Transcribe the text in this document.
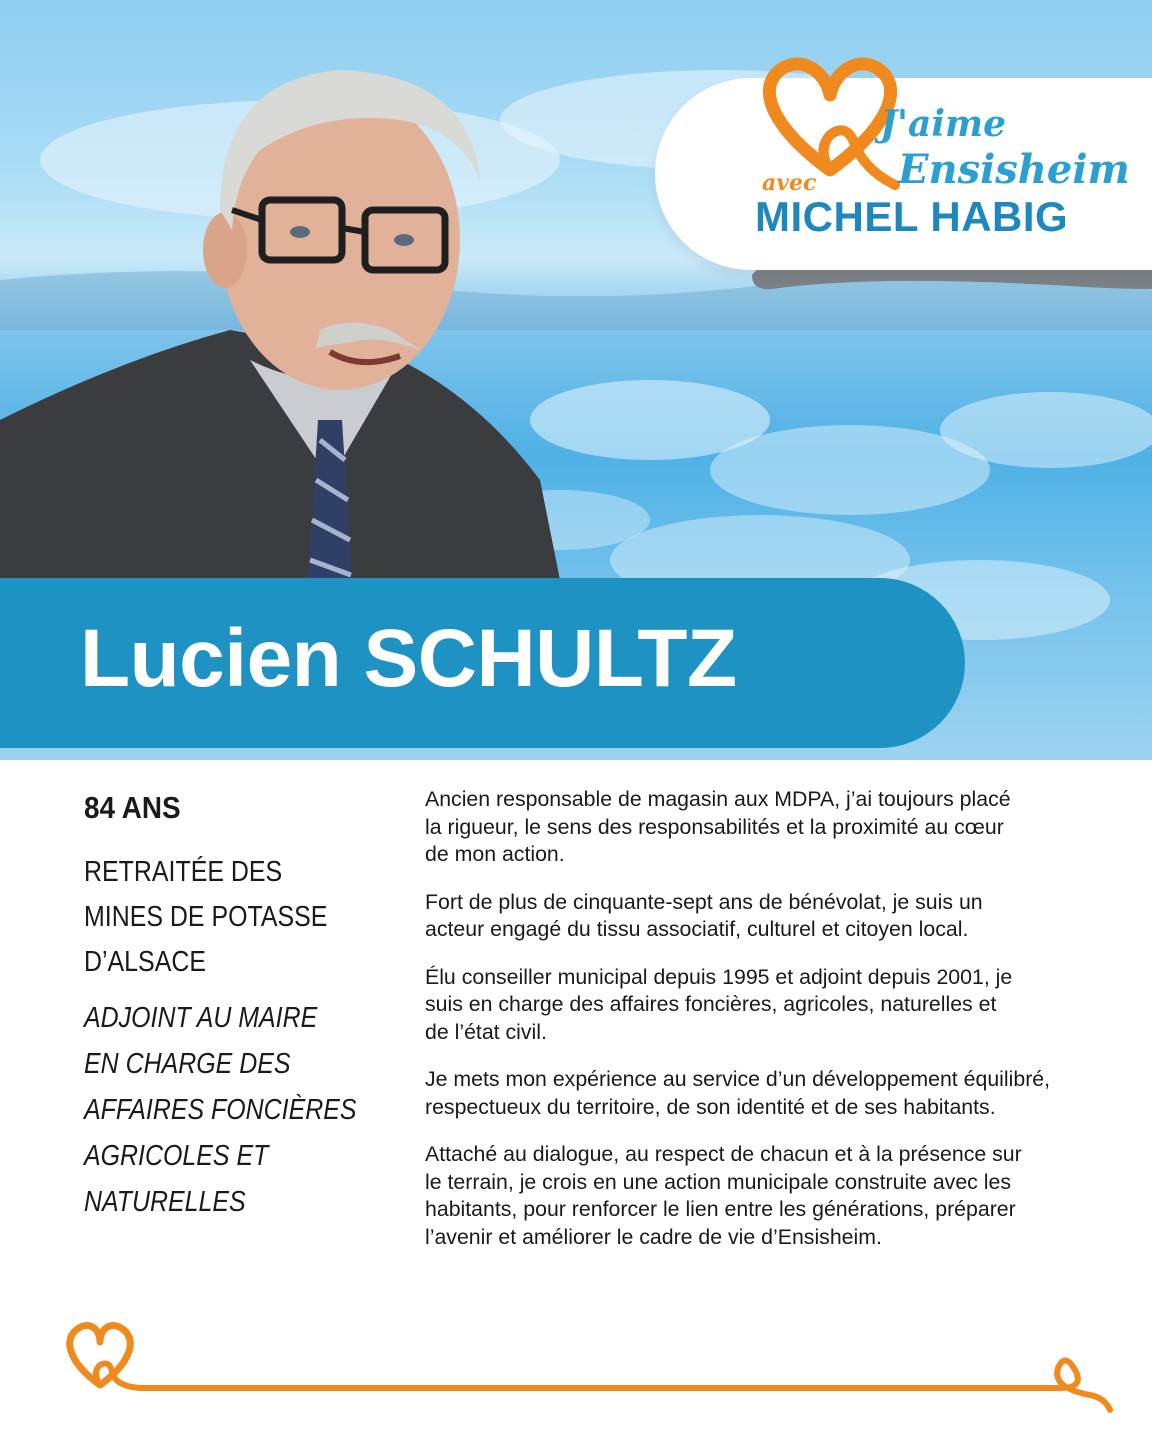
J'aime
Ensisheim
avec
MICHEL HABIG
Lucien SCHULTZ
84 ANS
RETRAITÉE DES
MINES DE POTASSE
D’ALSACE
ADJOINT AU MAIRE
EN CHARGE DES
AFFAIRES FONCIÈRES
AGRICOLES ET
NATURELLES

Ancien responsable de magasin aux MDPA, j’ai toujours placé
la rigueur, le sens des responsabilités et la proximité au cœur
de mon action.

Fort de plus de cinquante-sept ans de bénévolat, je suis un
acteur engagé du tissu associatif, culturel et citoyen local.

Élu conseiller municipal depuis 1995 et adjoint depuis 2001, je
suis en charge des affaires foncières, agricoles, naturelles et
de l’état civil.

Je mets mon expérience au service d’un développement équilibré,
respectueux du territoire, de son identité et de ses habitants.

Attaché au dialogue, au respect de chacun et à la présence sur
le terrain, je crois en une action municipale construite avec les
habitants, pour renforcer le lien entre les générations, préparer
l’avenir et améliorer le cadre de vie d’Ensisheim.
